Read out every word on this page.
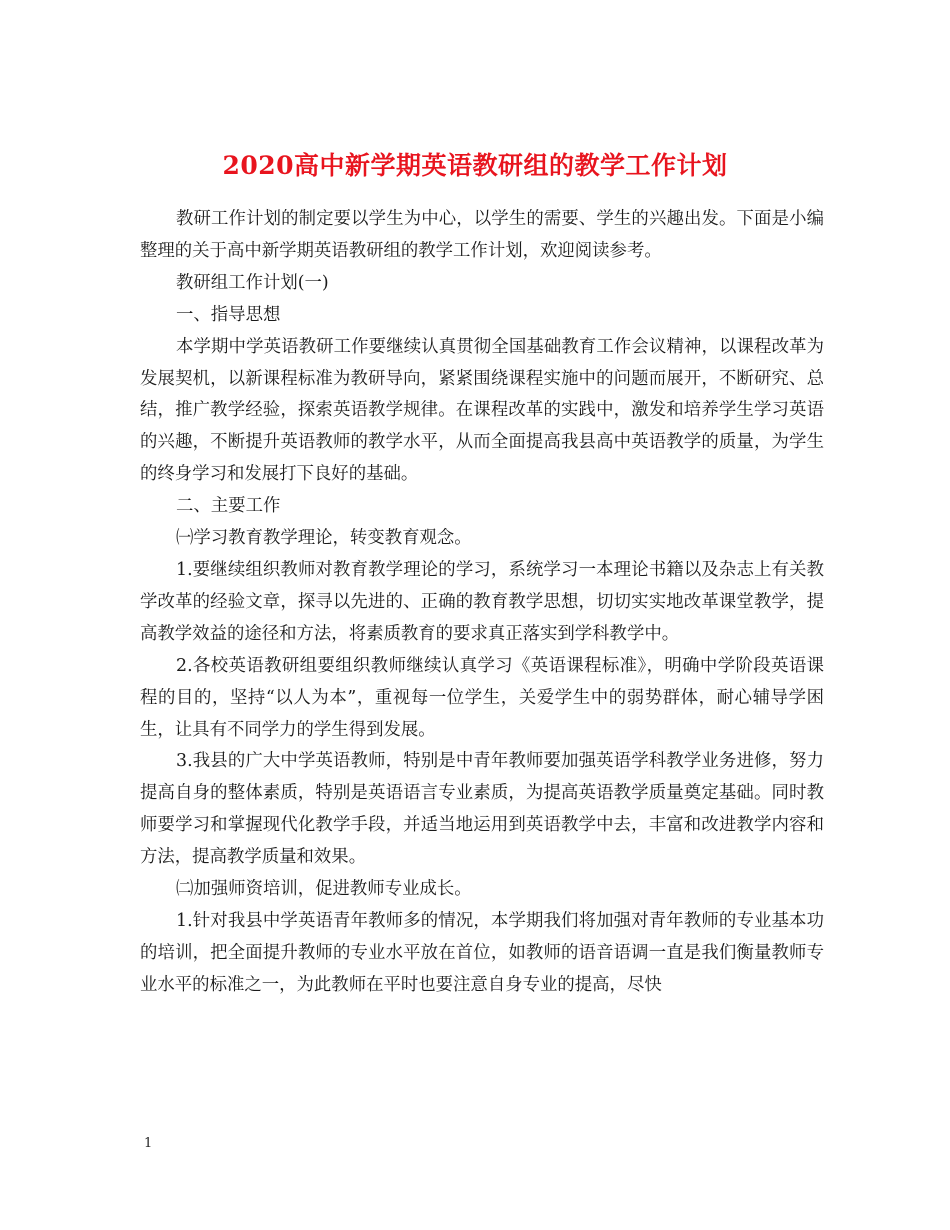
2020高中新学期英语教研组的教学工作计划

教研工作计划的制定要以学生为中心，以学生的需要、学生的兴趣出发。下面是小编整理的关于高中新学期英语教研组的教学工作计划，欢迎阅读参考。

教研组工作计划(一)

一、指导思想

本学期中学英语教研工作要继续认真贯彻全国基础教育工作会议精神，以课程改革为发展契机，以新课程标准为教研导向，紧紧围绕课程实施中的问题而展开，不断研究、总结，推广教学经验，探索英语教学规律。在课程改革的实践中，激发和培养学生学习英语的兴趣，不断提升英语教师的教学水平，从而全面提高我县高中英语教学的质量，为学生的终身学习和发展打下良好的基础。

二、主要工作

㈠学习教育教学理论，转变教育观念。

1.要继续组织教师对教育教学理论的学习，系统学习一本理论书籍以及杂志上有关教学改革的经验文章，探寻以先进的、正确的教育教学思想，切切实实地改革课堂教学，提高教学效益的途径和方法，将素质教育的要求真正落实到学科教学中。

2.各校英语教研组要组织教师继续认真学习《英语课程标准》，明确中学阶段英语课程的目的，坚持“以人为本”，重视每一位学生，关爱学生中的弱势群体，耐心辅导学困生，让具有不同学力的学生得到发展。

3.我县的广大中学英语教师，特别是中青年教师要加强英语学科教学业务进修，努力提高自身的整体素质，特别是英语语言专业素质，为提高英语教学质量奠定基础。同时教师要学习和掌握现代化教学手段，并适当地运用到英语教学中去，丰富和改进教学内容和方法，提高教学质量和效果。

㈡加强师资培训，促进教师专业成长。

1.针对我县中学英语青年教师多的情况，本学期我们将加强对青年教师的专业基本功的培训，把全面提升教师的专业水平放在首位，如教师的语音语调一直是我们衡量教师专业水平的标准之一，为此教师在平时也要注意自身专业的提高，尽快

1
